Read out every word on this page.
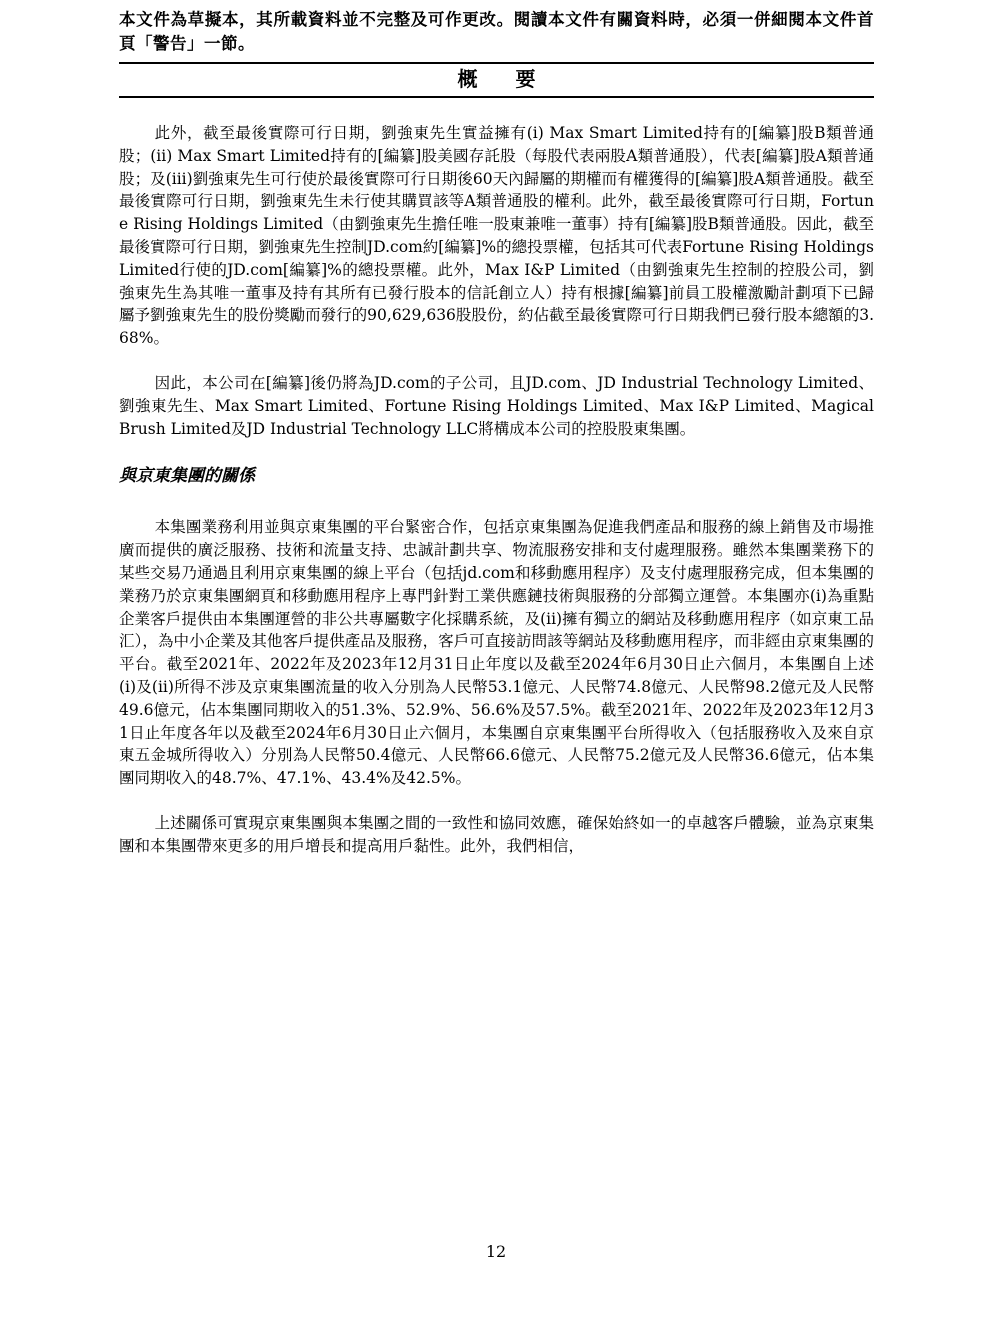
本文件為草擬本，其所載資料並不完整及可作更改。閱讀本文件有關資料時，必須一併細閱本文件首頁「警告」一節。

概要

此外，截至最後實際可行日期，劉強東先生實益擁有(i) Max Smart Limited持有的[編纂]股B類普通股；(ii) Max Smart Limited持有的[編纂]股美國存託股（每股代表兩股A類普通股），代表[編纂]股A類普通股；及(iii)劉強東先生可行使於最後實際可行日期後60天內歸屬的期權而有權獲得的[編纂]股A類普通股。截至最後實際可行日期，劉強東先生未行使其購買該等A類普通股的權利。此外，截至最後實際可行日期，Fortune Rising Holdings Limited（由劉強東先生擔任唯一股東兼唯一董事）持有[編纂]股B類普通股。因此，截至最後實際可行日期，劉強東先生控制JD.com約[編纂]%的總投票權，包括其可代表Fortune Rising Holdings Limited行使的JD.com[編纂]%的總投票權。此外，Max I&P Limited（由劉強東先生控制的控股公司，劉強東先生為其唯一董事及持有其所有已發行股本的信託創立人）持有根據[編纂]前員工股權激勵計劃項下已歸屬予劉強東先生的股份獎勵而發行的90,629,636股股份，約佔截至最後實際可行日期我們已發行股本總額的3.68%。

因此，本公司在[編纂]後仍將為JD.com的子公司，且JD.com、JD Industrial Technology Limited、劉強東先生、Max Smart Limited、Fortune Rising Holdings Limited、Max I&P Limited、Magical Brush Limited及JD Industrial Technology LLC將構成本公司的控股股東集團。

與京東集團的關係

本集團業務利用並與京東集團的平台緊密合作，包括京東集團為促進我們產品和服務的線上銷售及市場推廣而提供的廣泛服務、技術和流量支持、忠誠計劃共享、物流服務安排和支付處理服務。雖然本集團業務下的某些交易乃通過且利用京東集團的線上平台（包括jd.com和移動應用程序）及支付處理服務完成，但本集團的業務乃於京東集團網頁和移動應用程序上專門針對工業供應鏈技術與服務的分部獨立運營。本集團亦(i)為重點企業客戶提供由本集團運營的非公共專屬數字化採購系統，及(ii)擁有獨立的網站及移動應用程序（如京東工品汇），為中小企業及其他客戶提供產品及服務，客戶可直接訪問該等網站及移動應用程序，而非經由京東集團的平台。截至2021年、2022年及2023年12月31日止年度以及截至2024年6月30日止六個月，本集團自上述(i)及(ii)所得不涉及京東集團流量的收入分別為人民幣53.1億元、人民幣74.8億元、人民幣98.2億元及人民幣49.6億元，佔本集團同期收入的51.3%、52.9%、56.6%及57.5%。截至2021年、2022年及2023年12月31日止年度各年以及截至2024年6月30日止六個月，本集團自京東集團平台所得收入（包括服務收入及來自京東五金城所得收入）分別為人民幣50.4億元、人民幣66.6億元、人民幣75.2億元及人民幣36.6億元，佔本集團同期收入的48.7%、47.1%、43.4%及42.5%。

上述關係可實現京東集團與本集團之間的一致性和協同效應，確保始終如一的卓越客戶體驗，並為京東集團和本集團帶來更多的用戶增長和提高用戶黏性。此外，我們相信，

12
